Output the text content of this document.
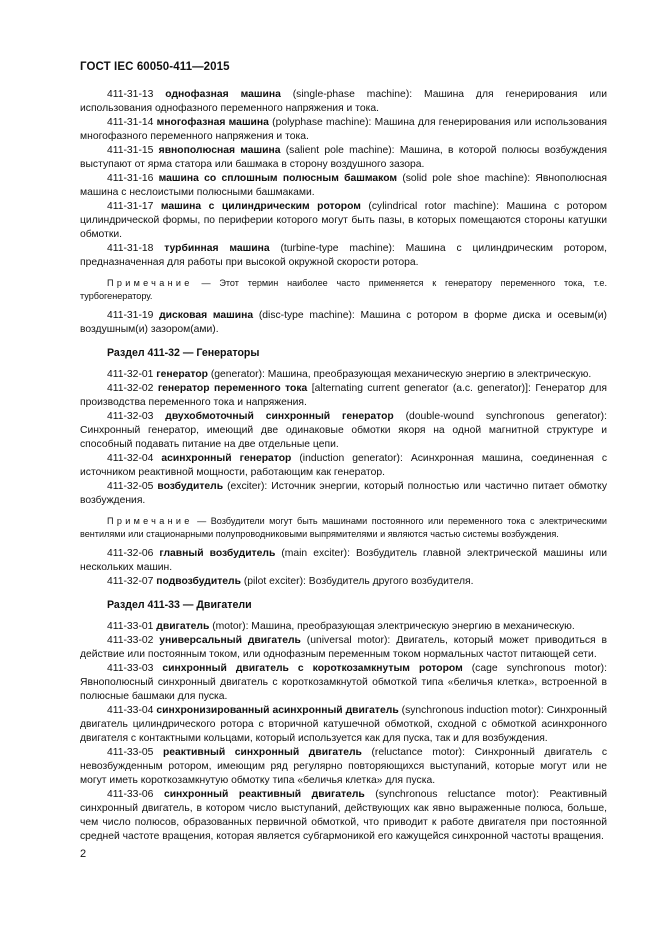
ГОСТ IEC 60050-411—2015

411-31-13 однофазная машина (single-phase machine): Машина для генерирования или использования однофазного переменного напряжения и тока.

411-31-14 многофазная машина (polyphase machine): Машина для генерирования или использования многофазного переменного напряжения и тока.

411-31-15 явнополюсная машина (salient pole machine): Машина, в которой полюсы возбуждения выступают от ярма статора или башмака в сторону воздушного зазора.

411-31-16 машина со сплошным полюсным башмаком (solid pole shoe machine): Явнополюсная машина с неслоистыми полюсными башмаками.

411-31-17 машина с цилиндрическим ротором (cylindrical rotor machine): Машина с ротором цилиндрической формы, по периферии которого могут быть пазы, в которых помещаются стороны катушки обмотки.

411-31-18 турбинная машина (turbine-type machine): Машина с цилиндрическим ротором, предназначенная для работы при высокой окружной скорости ротора.

Примечание — Этот термин наиболее часто применяется к генератору переменного тока, т.е. турбогенератору.

411-31-19 дисковая машина (disc-type machine): Машина с ротором в форме диска и осевым(и) воздушным(и) зазором(ами).

Раздел 411-32 — Генераторы

411-32-01 генератор (generator): Машина, преобразующая механическую энергию в электрическую.

411-32-02 генератор переменного тока [alternating current generator (a.c. generator)]: Генератор для производства переменного тока и напряжения.

411-32-03 двухобмоточный синхронный генератор (double-wound synchronous generator): Синхронный генератор, имеющий две одинаковые обмотки якоря на одной магнитной структуре и способный подавать питание на две отдельные цепи.

411-32-04 асинхронный генератор (induction generator): Асинхронная машина, соединенная с источником реактивной мощности, работающим как генератор.

411-32-05 возбудитель (exciter): Источник энергии, который полностью или частично питает обмотку возбуждения.

Примечание — Возбудители могут быть машинами постоянного или переменного тока с электрическими вентилями или стационарными полупроводниковыми выпрямителями и являются частью системы возбуждения.

411-32-06 главный возбудитель (main exciter): Возбудитель главной электрической машины или нескольких машин.

411-32-07 подвозбудитель (pilot exciter): Возбудитель другого возбудителя.

Раздел 411-33 — Двигатели

411-33-01 двигатель (motor): Машина, преобразующая электрическую энергию в механическую.

411-33-02 универсальный двигатель (universal motor): Двигатель, который может приводиться в действие или постоянным током, или однофазным переменным током нормальных частот питающей сети.

411-33-03 синхронный двигатель с короткозамкнутым ротором (cage synchronous motor): Явнополюсный синхронный двигатель с короткозамкнутой обмоткой типа «беличья клетка», встроенной в полюсные башмаки для пуска.

411-33-04 синхронизированный асинхронный двигатель (synchronous induction motor): Синхронный двигатель цилиндрического ротора с вторичной катушечной обмоткой, сходной с обмоткой асинхронного двигателя с контактными кольцами, который используется как для пуска, так и для возбуждения.

411-33-05 реактивный синхронный двигатель (reluctance motor): Синхронный двигатель с невозбужденным ротором, имеющим ряд регулярно повторяющихся выступаний, которые могут или не могут иметь короткозамкнутую обмотку типа «беличья клетка» для пуска.

411-33-06 синхронный реактивный двигатель (synchronous reluctance motor): Реактивный синхронный двигатель, в котором число выступаний, действующих как явно выраженные полюса, больше, чем число полюсов, образованных первичной обмоткой, что приводит к работе двигателя при постоянной средней частоте вращения, которая является субгармоникой его кажущейся синхронной частоты вращения.

2
